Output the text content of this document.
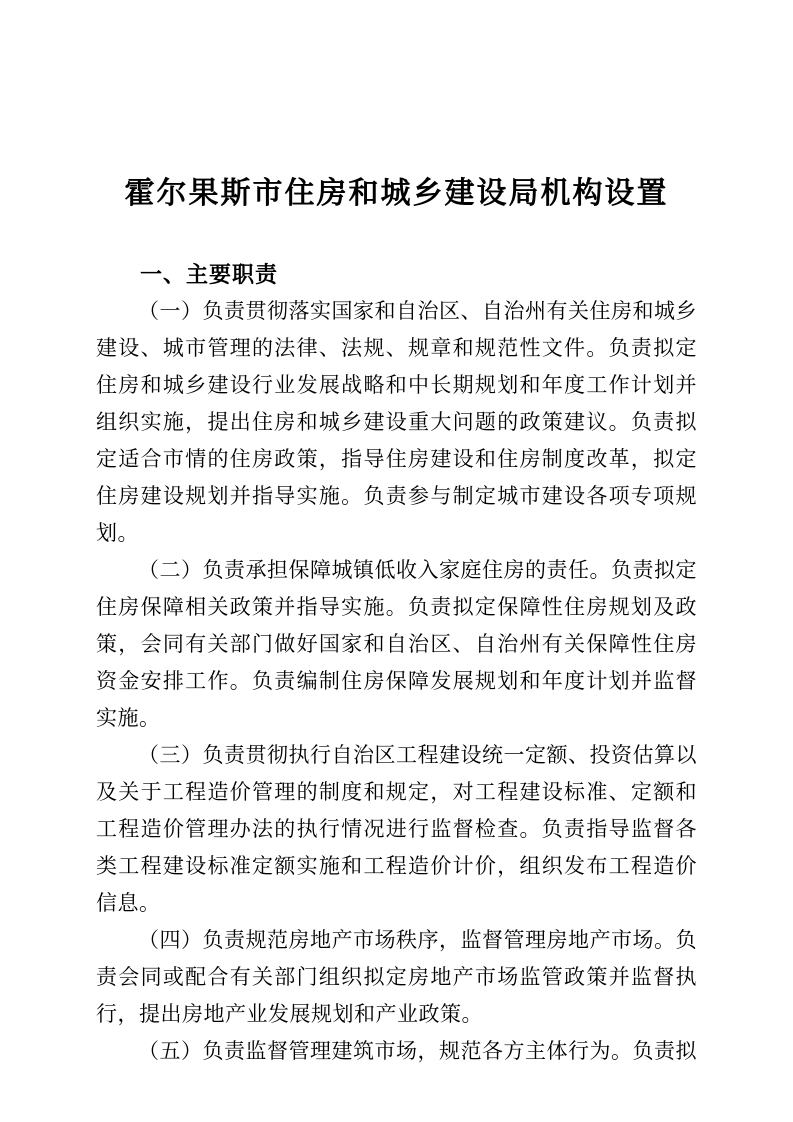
霍尔果斯市住房和城乡建设局机构设置
一、主要职责

（一）负责贯彻落实国家和自治区、自治州有关住房和城乡建设、城市管理的法律、法规、规章和规范性文件。负责拟定住房和城乡建设行业发展战略和中长期规划和年度工作计划并组织实施，提出住房和城乡建设重大问题的政策建议。负责拟定适合市情的住房政策，指导住房建设和住房制度改革，拟定住房建设规划并指导实施。负责参与制定城市建设各项专项规划。

（二）负责承担保障城镇低收入家庭住房的责任。负责拟定住房保障相关政策并指导实施。负责拟定保障性住房规划及政策，会同有关部门做好国家和自治区、自治州有关保障性住房资金安排工作。负责编制住房保障发展规划和年度计划并监督实施。

（三）负责贯彻执行自治区工程建设统一定额、投资估算以及关于工程造价管理的制度和规定，对工程建设标准、定额和工程造价管理办法的执行情况进行监督检查。负责指导监督各类工程建设标准定额实施和工程造价计价，组织发布工程造价信息。

（四）负责规范房地产市场秩序，监督管理房地产市场。负责会同或配合有关部门组织拟定房地产市场监管政策并监督执行，提出房地产业发展规划和产业政策。

（五）负责监督管理建筑市场，规范各方主体行为。负责拟
